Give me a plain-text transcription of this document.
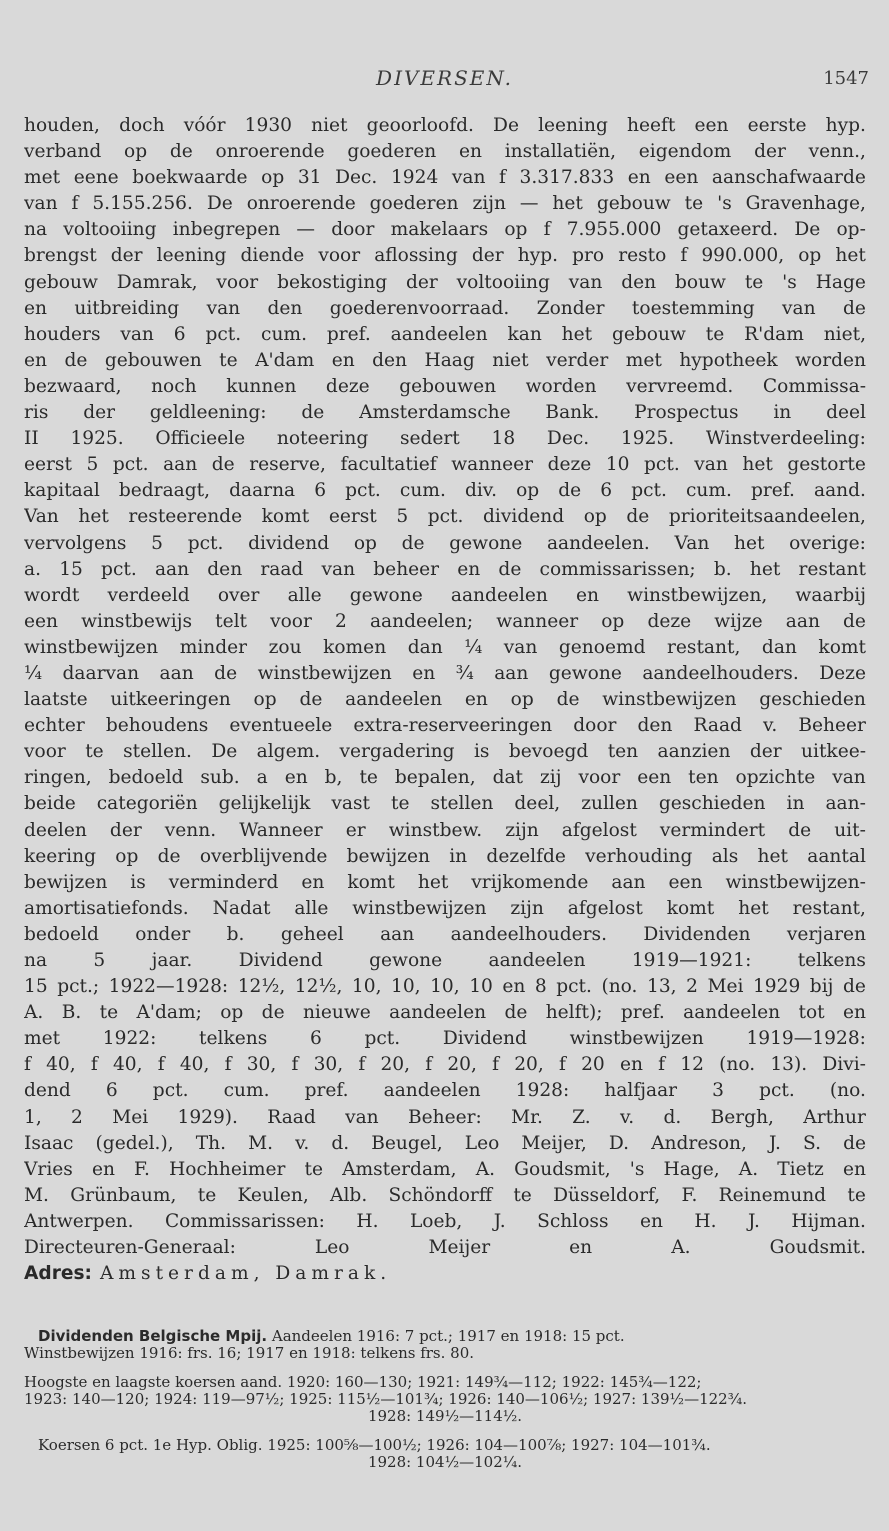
DIVERSEN.	1547
houden, doch vóór 1930 niet geoorloofd. De leening heeft een eerste hyp.
verband op de onroerende goederen en installatiën, eigendom der venn.,
met eene boekwaarde op 31 Dec. 1924 van f 3.317.833 en een aanschafwaarde
van f 5.155.256. De onroerende goederen zijn — het gebouw te 's Gravenhage,
na voltooiing inbegrepen — door makelaars op f 7.955.000 getaxeerd. De op-
brengst der leening diende voor aflossing der hyp. pro resto f 990.000, op het
gebouw Damrak, voor bekostiging der voltooiing van den bouw te 's Hage
en uitbreiding van den goederenvoorraad. Zonder toestemming van de
houders van 6 pct. cum. pref. aandeelen kan het gebouw te R'dam niet,
en de gebouwen te A'dam en den Haag niet verder met hypotheek worden
bezwaard, noch kunnen deze gebouwen worden vervreemd. Commissa-
ris der geldleening: de Amsterdamsche Bank. Prospectus in deel
II 1925. Officieele noteering sedert 18 Dec. 1925. Winstverdeeling:
eerst 5 pct. aan de reserve, facultatief wanneer deze 10 pct. van het gestorte
kapitaal bedraagt, daarna 6 pct. cum. div. op de 6 pct. cum. pref. aand.
Van het resteerende komt eerst 5 pct. dividend op de prioriteitsaandeelen,
vervolgens 5 pct. dividend op de gewone aandeelen. Van het overige:
a. 15 pct. aan den raad van beheer en de commissarissen; b. het restant
wordt verdeeld over alle gewone aandeelen en winstbewijzen, waarbij
een winstbewijs telt voor 2 aandeelen; wanneer op deze wijze aan de
winstbewijzen minder zou komen dan ¼ van genoemd restant, dan komt
¼ daarvan aan de winstbewijzen en ¾ aan gewone aandeelhouders. Deze
laatste uitkeeringen op de aandeelen en op de winstbewijzen geschieden
echter behoudens eventueele extra-reserveeringen door den Raad v. Beheer
voor te stellen. De algem. vergadering is bevoegd ten aanzien der uitkee-
ringen, bedoeld sub. a en b, te bepalen, dat zij voor een ten opzichte van
beide categoriën gelijkelijk vast te stellen deel, zullen geschieden in aan-
deelen der venn. Wanneer er winstbew. zijn afgelost vermindert de uit-
keering op de overblijvende bewijzen in dezelfde verhouding als het aantal
bewijzen is verminderd en komt het vrijkomende aan een winstbewijzen-
amortisatiefonds. Nadat alle winstbewijzen zijn afgelost komt het restant,
bedoeld onder b. geheel aan aandeelhouders. Dividenden verjaren
na 5 jaar. Dividend gewone aandeelen 1919—1921: telkens
15 pct.; 1922—1928: 12½, 12½, 10, 10, 10, 10 en 8 pct. (no. 13, 2 Mei 1929 bij de
A. B. te A'dam; op de nieuwe aandeelen de helft); pref. aandeelen tot en
met 1922: telkens 6 pct. Dividend winstbewijzen 1919—1928:
f 40, f 40, f 40, f 30, f 30, f 20, f 20, f 20, f 20 en f 12 (no. 13). Divi-
dend 6 pct. cum. pref. aandeelen 1928: halfjaar 3 pct. (no.
1, 2 Mei 1929). Raad van Beheer: Mr. Z. v. d. Bergh, Arthur
Isaac (gedel.), Th. M. v. d. Beugel, Leo Meijer, D. Andreson, J. S. de
Vries en F. Hochheimer te Amsterdam, A. Goudsmit, 's Hage, A. Tietz en
M. Grünbaum, te Keulen, Alb. Schöndorff te Düsseldorf, F. Reinemund te
Antwerpen. Commissarissen: H. Loeb, J. Schloss en H. J. Hijman.
Directeuren-Generaal:	Leo	Meijer	en	A.	Goudsmit.
Adres: Amsterdam, Damrak.
Dividenden Belgische Mpij. Aandeelen 1916: 7 pct.; 1917 en 1918: 15 pct.
Winstbewijzen 1916: frs. 16; 1917 en 1918: telkens frs. 80.
Hoogste en laagste koersen aand. 1920: 160—130; 1921: 149¾—112; 1922: 145¾—122;
1923: 140—120; 1924: 119—97½; 1925: 115½—101¾; 1926: 140—106½; 1927: 139½—122¾.
1928: 149½—114½.
Koersen 6 pct. 1e Hyp. Oblig. 1925: 100⅝—100½; 1926: 104—100⅞; 1927: 104—101¾.
1928: 104½—102¼.
